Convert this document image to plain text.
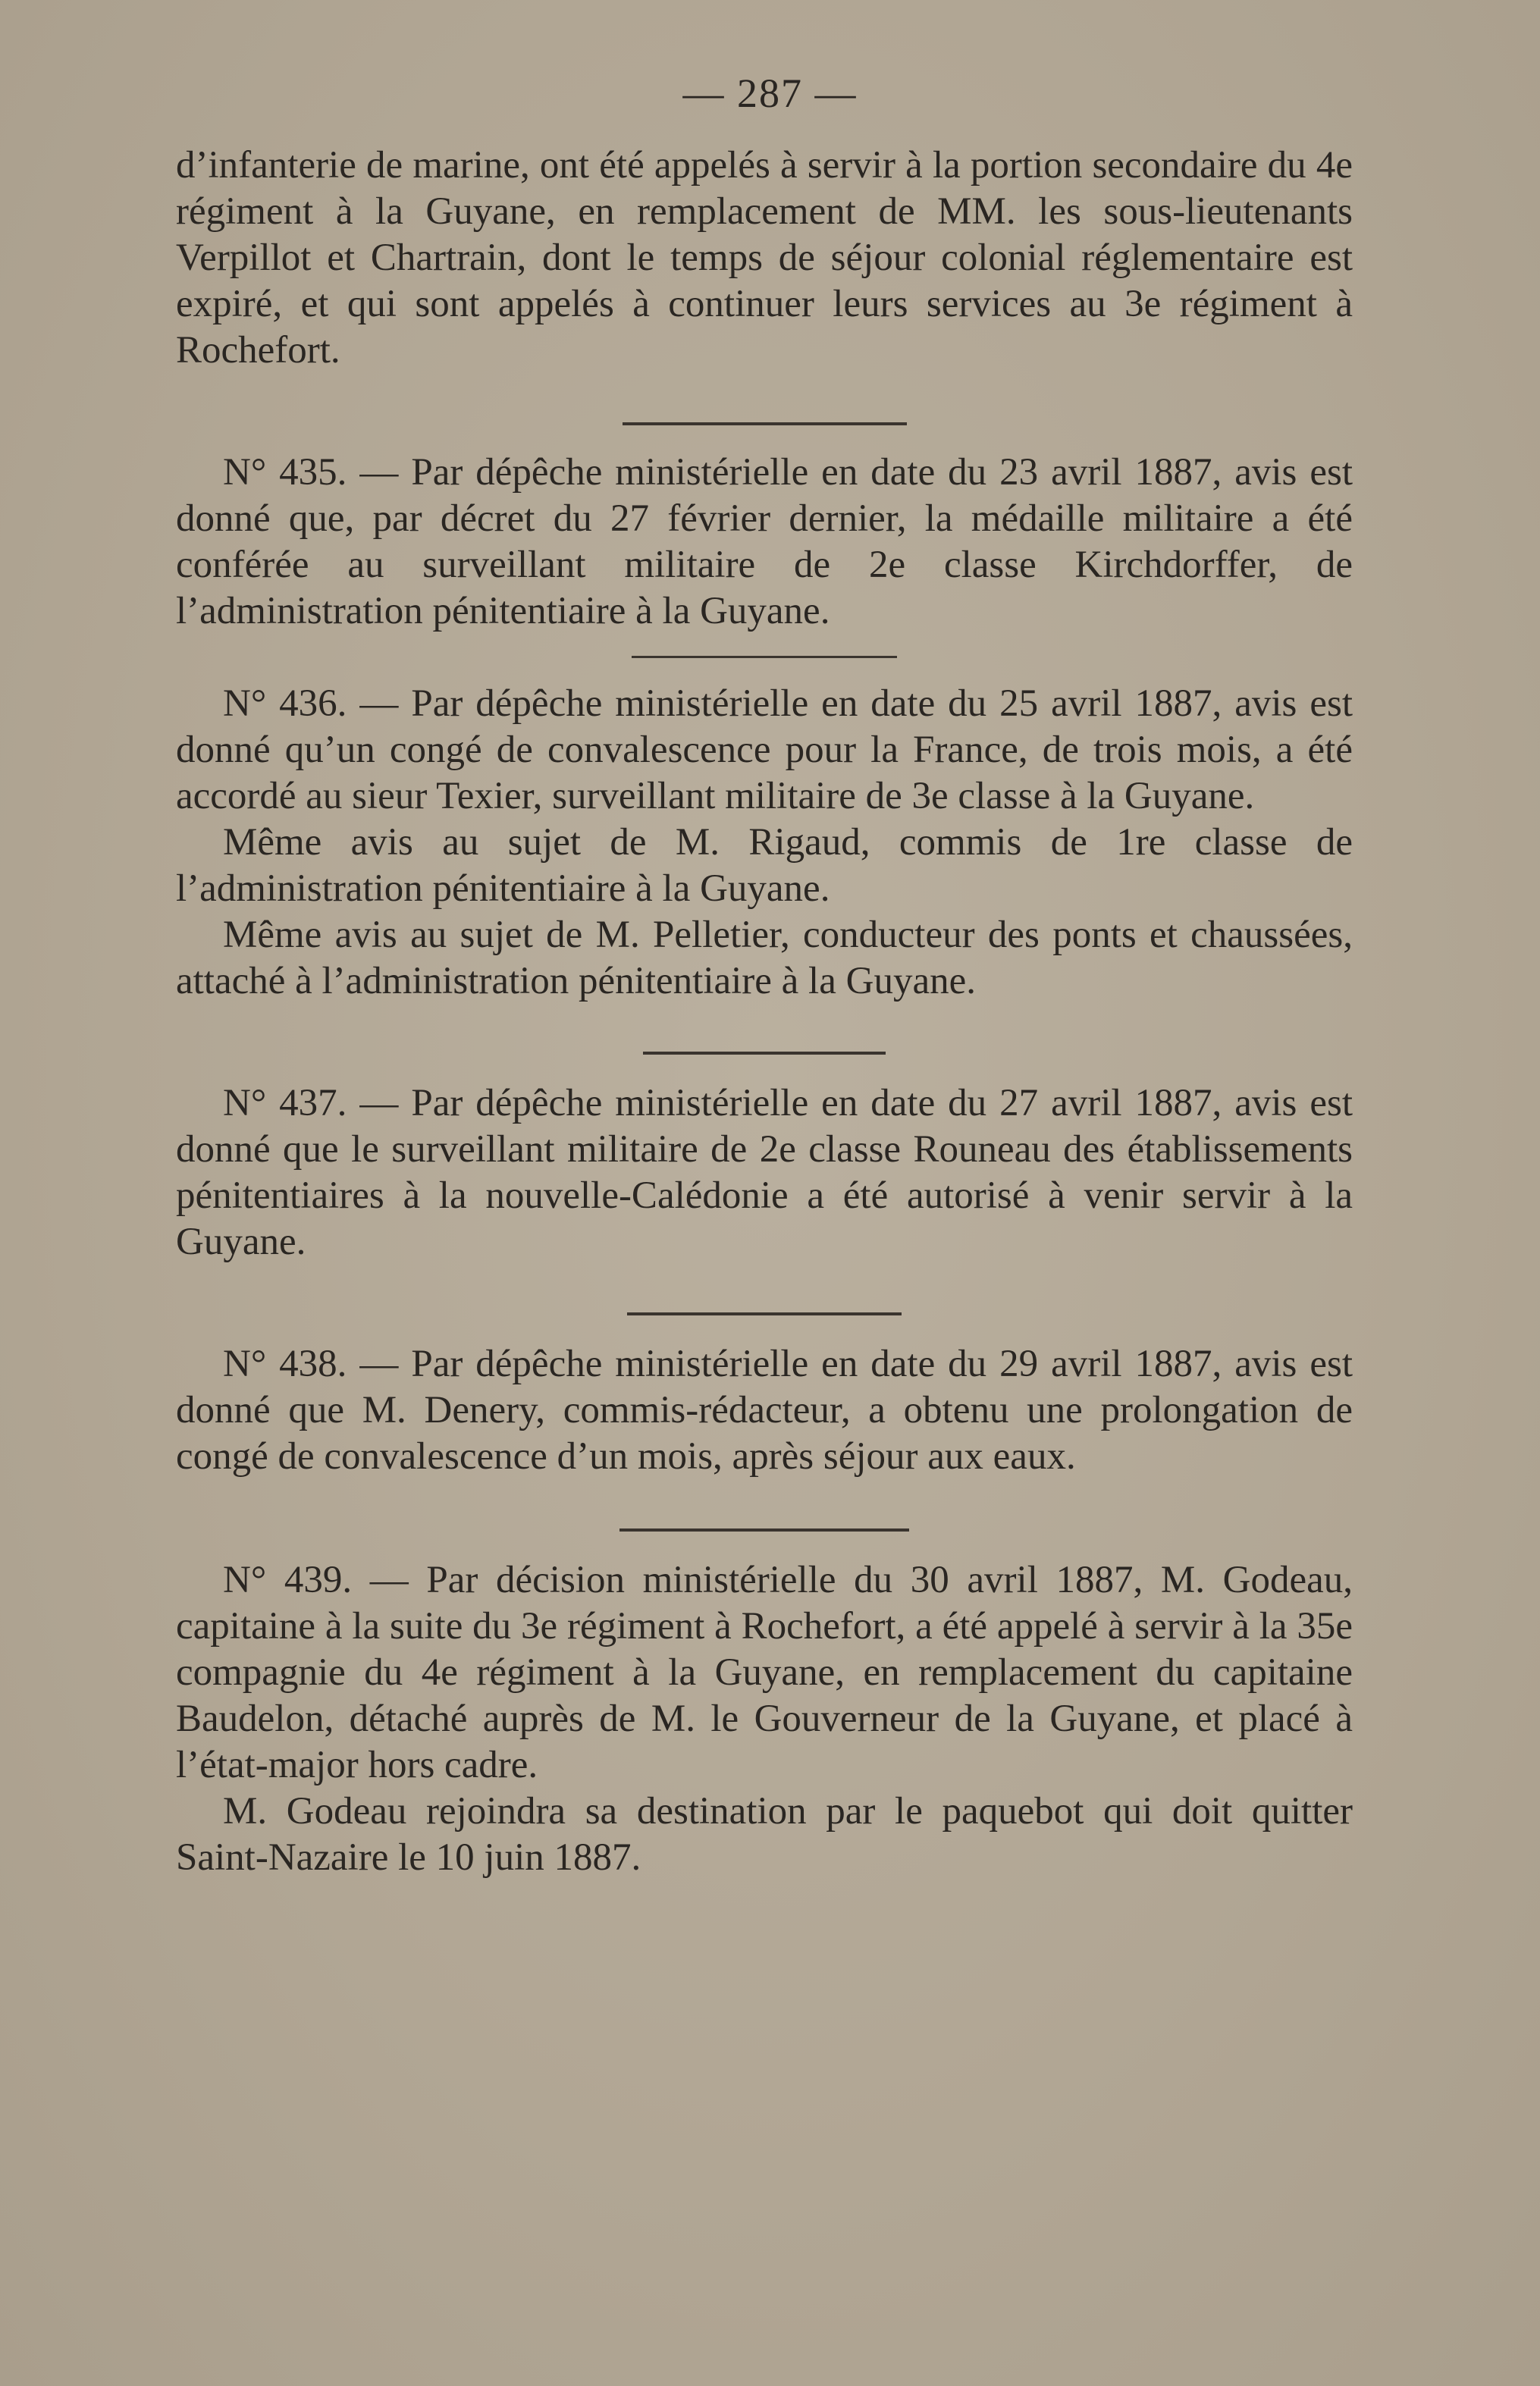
— 287 —

d’infanterie de marine, ont été appelés à servir à la portion secondaire du 4e régiment à la Guyane, en remplacement de MM. les sous-lieutenants Verpillot et Chartrain, dont le temps de séjour colonial réglementaire est expiré, et qui sont appelés à continuer leurs services au 3e régiment à Rochefort.

N° 435. — Par dépêche ministérielle en date du 23 avril 1887, avis est donné que, par décret du 27 février dernier, la médaille militaire a été conférée au surveillant militaire de 2e classe Kirchdorffer, de l’administration pénitentiaire à la Guyane.

N° 436. — Par dépêche ministérielle en date du 25 avril 1887, avis est donné qu’un congé de convalescence pour la France, de trois mois, a été accordé au sieur Texier, surveillant militaire de 3e classe à la Guyane.

Même avis au sujet de M. Rigaud, commis de 1re classe de l’administration pénitentiaire à la Guyane.

Même avis au sujet de M. Pelletier, conducteur des ponts et chaussées, attaché à l’administration pénitentiaire à la Guyane.

N° 437. — Par dépêche ministérielle en date du 27 avril 1887, avis est donné que le surveillant militaire de 2e classe Rouneau des établissements pénitentiaires à la nouvelle-Calédonie a été autorisé à venir servir à la Guyane.

N° 438. — Par dépêche ministérielle en date du 29 avril 1887, avis est donné que M. Denery, commis-rédacteur, a obtenu une prolongation de congé de convalescence d’un mois, après séjour aux eaux.

N° 439. — Par décision ministérielle du 30 avril 1887, M. Godeau, capitaine à la suite du 3e régiment à Rochefort, a été appelé à servir à la 35e compagnie du 4e régiment à la Guyane, en remplacement du capitaine Baudelon, détaché auprès de M. le Gouverneur de la Guyane, et placé à l’état-major hors cadre.

M. Godeau rejoindra sa destination par le paquebot qui doit quitter Saint-Nazaire le 10 juin 1887.
